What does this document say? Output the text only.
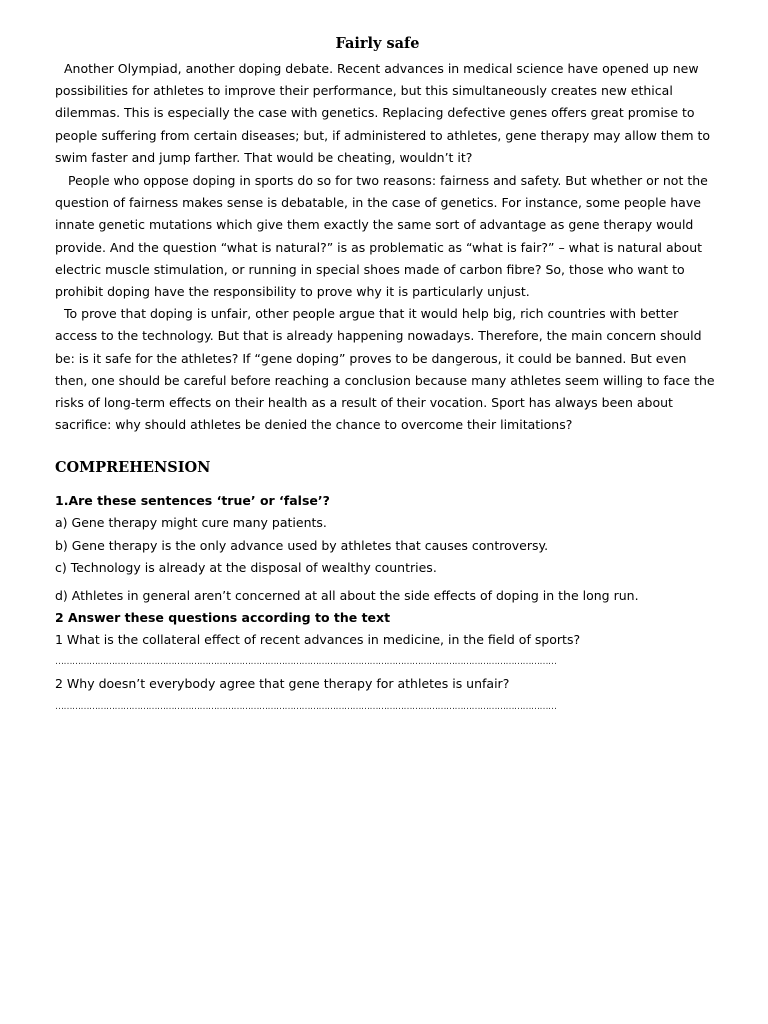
Fairly safe

Another Olympiad, another doping debate. Recent advances in medical science have opened up new possibilities for athletes to improve their performance, but this simultaneously creates new ethical dilemmas. This is especially the case with genetics. Replacing defective genes offers great promise to people suffering from certain diseases; but, if administered to athletes, gene therapy may allow them to swim faster and jump farther. That would be cheating, wouldn’t it?

People who oppose doping in sports do so for two reasons: fairness and safety. But whether or not the question of fairness makes sense is debatable, in the case of genetics. For instance, some people have innate genetic mutations which give them exactly the same sort of advantage as gene therapy would provide. And the question “what is natural?” is as problematic as “what is fair?” – what is natural about electric muscle stimulation, or running in special shoes made of carbon fibre? So, those who want to prohibit doping have the responsibility to prove why it is particularly unjust.

To prove that doping is unfair, other people argue that it would help big, rich countries with better access to the technology. But that is already happening nowadays. Therefore, the main concern should be: is it safe for the athletes? If “gene doping” proves to be dangerous, it could be banned. But even then, one should be careful before reaching a conclusion because many athletes seem willing to face the risks of long-term effects on their health as a result of their vocation. Sport has always been about sacrifice: why should athletes be denied the chance to overcome their limitations?

COMPREHENSION

1.Are these sentences ‘true’ or ‘false’?

a) Gene therapy might cure many patients.

b) Gene therapy is the only advance used by athletes that causes controversy.

c) Technology is already at the disposal of wealthy countries.

d) Athletes in general aren’t concerned at all about the side effects of doping in the long run.

2 Answer these questions according to the text

1 What is the collateral effect of recent advances in medicine, in the field of sports?

……………………………………………………………………………………………………………………………………………………………

2 Why doesn’t everybody agree that gene therapy for athletes is unfair?

……………………………………………………………………………………………………………………………………………………………
